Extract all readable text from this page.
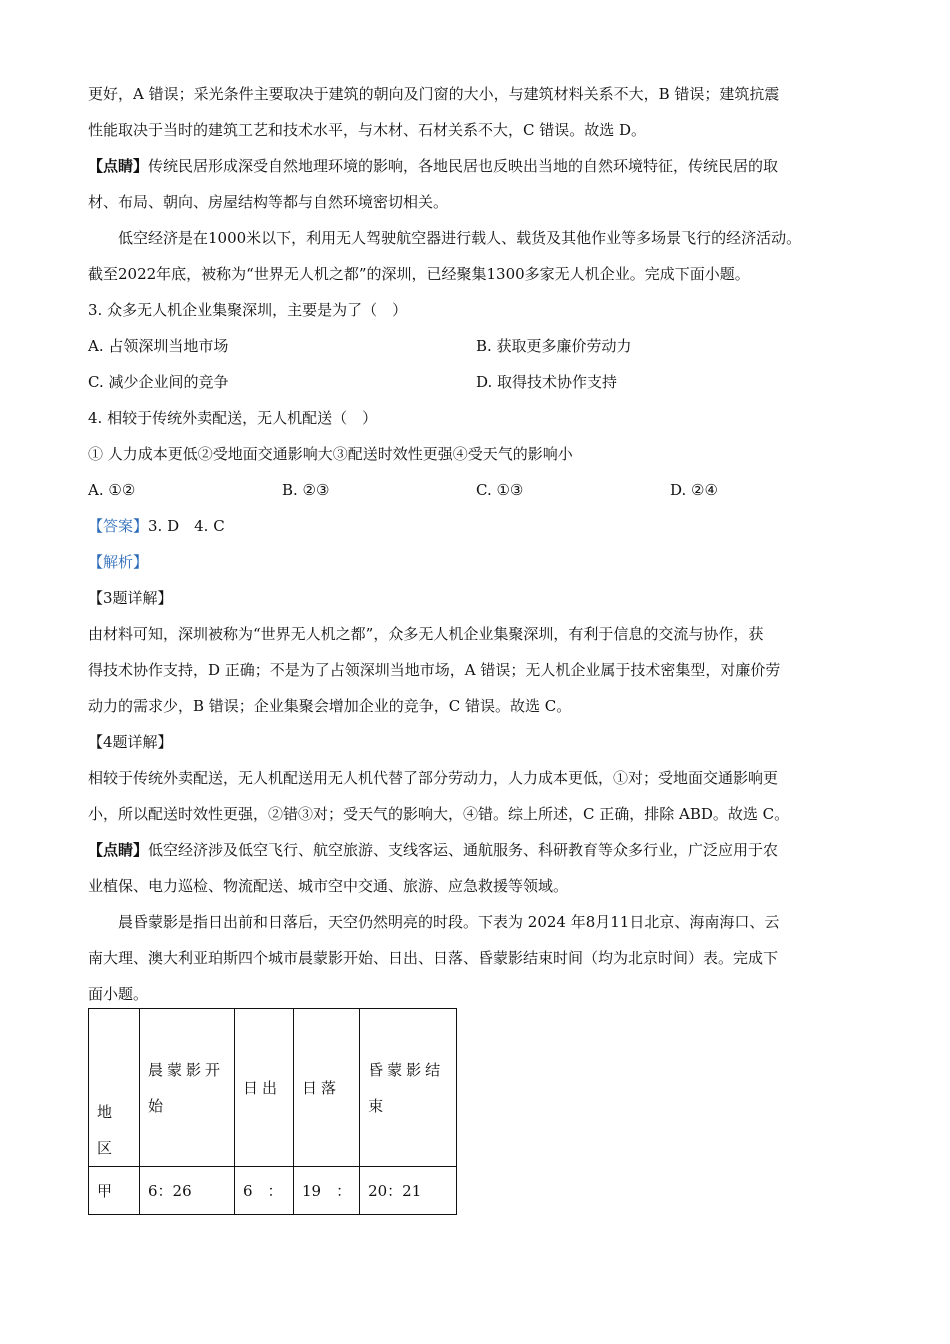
更好，A 错误；采光条件主要取决于建筑的朝向及门窗的大小，与建筑材料关系不大，B 错误；建筑抗震

性能取决于当时的建筑工艺和技术水平，与木材、石材关系不大，C 错误。故选 D。

【点睛】传统民居形成深受自然地理环境的影响，各地民居也反映出当地的自然环境特征，传统民居的取

材、布局、朝向、房屋结构等都与自然环境密切相关。

低空经济是在1000米以下，利用无人驾驶航空器进行载人、载货及其他作业等多场景飞行的经济活动。

截至2022年底，被称为“世界无人机之都”的深圳，已经聚集1300多家无人机企业。完成下面小题。

3. 众多无人机企业集聚深圳，主要是为了（　）

A. 占领深圳当地市场	B. 获取更多廉价劳动力

C. 减少企业间的竞争	D. 取得技术协作支持

4. 相较于传统外卖配送，无人机配送（　）

① 人力成本更低②受地面交通影响大③配送时效性更强④受天气的影响小

A. ①②	B. ②③	C. ①③	D. ②④

【答案】3. D　4. C

【解析】

【3题详解】

由材料可知，深圳被称为“世界无人机之都”，众多无人机企业集聚深圳，有利于信息的交流与协作，获

得技术协作支持，D 正确；不是为了占领深圳当地市场，A 错误；无人机企业属于技术密集型，对廉价劳

动力的需求少，B 错误；企业集聚会增加企业的竞争，C 错误。故选 C。

【4题详解】

相较于传统外卖配送，无人机配送用无人机代替了部分劳动力，人力成本更低，①对；受地面交通影响更

小，所以配送时效性更强，②错③对；受天气的影响大，④错。综上所述，C 正确，排除 ABD。故选 C。

【点睛】低空经济涉及低空飞行、航空旅游、支线客运、通航服务、科研教育等众多行业，广泛应用于农

业植保、电力巡检、物流配送、城市空中交通、旅游、应急救援等领域。

晨昏蒙影是指日出前和日落后，天空仍然明亮的时段。下表为 2024 年8月11日北京、海南海口、云

南大理、澳大利亚珀斯四个城市晨蒙影开始、日出、日落、昏蒙影结束时间（均为北京时间）表。完成下

面小题。

地区	晨蒙影开始	日出	日落	昏蒙影结束

甲	6：26	6　：	19　：	20：21
